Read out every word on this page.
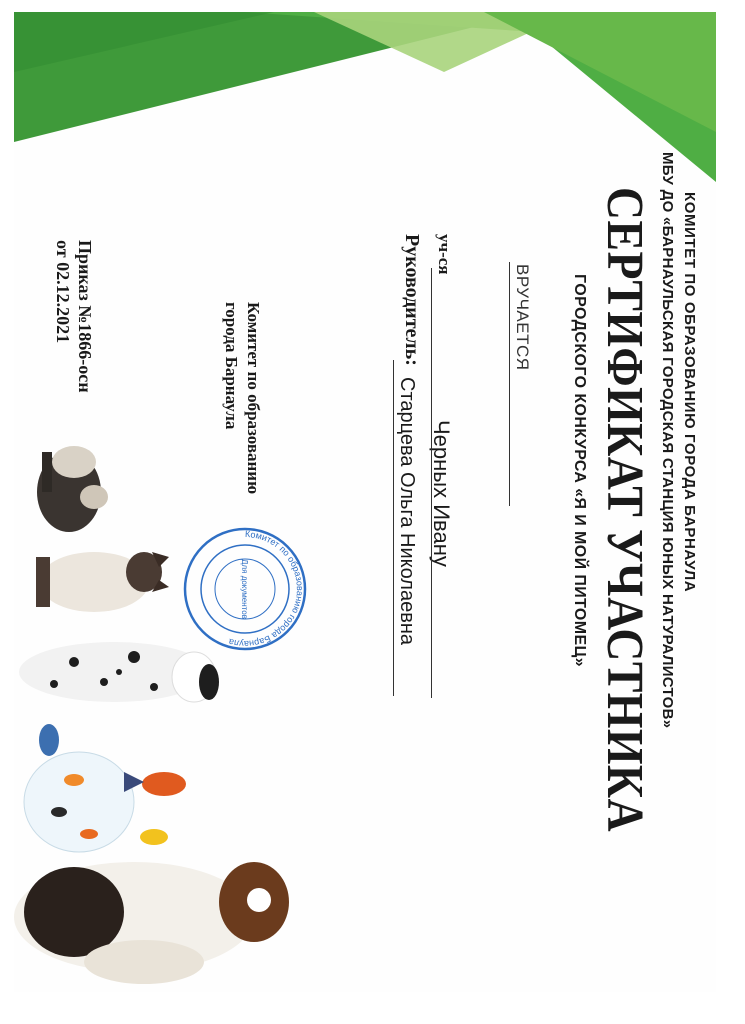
КОМИТЕТ ПО ОБРАЗОВАНИЮ ГОРОДА БАРНАУЛА
МБУ ДО «БАРНАУЛЬСКАЯ ГОРОДСКАЯ СТАНЦИЯ ЮНЫХ НАТУРАЛИСТОВ»
СЕРТИФИКАТ УЧАСТНИКА
ГОРОДСКОГО КОНКУРСА «Я И МОЙ ПИТОМЕЦ»
ВРУЧАЕТСЯ
уч-ся
Черных Ивану
Руководитель:
Старцева Ольга Николаевна
Комитет по образованию
города Барнаула
Приказ №1866-осн
от 02.12.2021
Комитет по образованию города Барнаула
Для документов
